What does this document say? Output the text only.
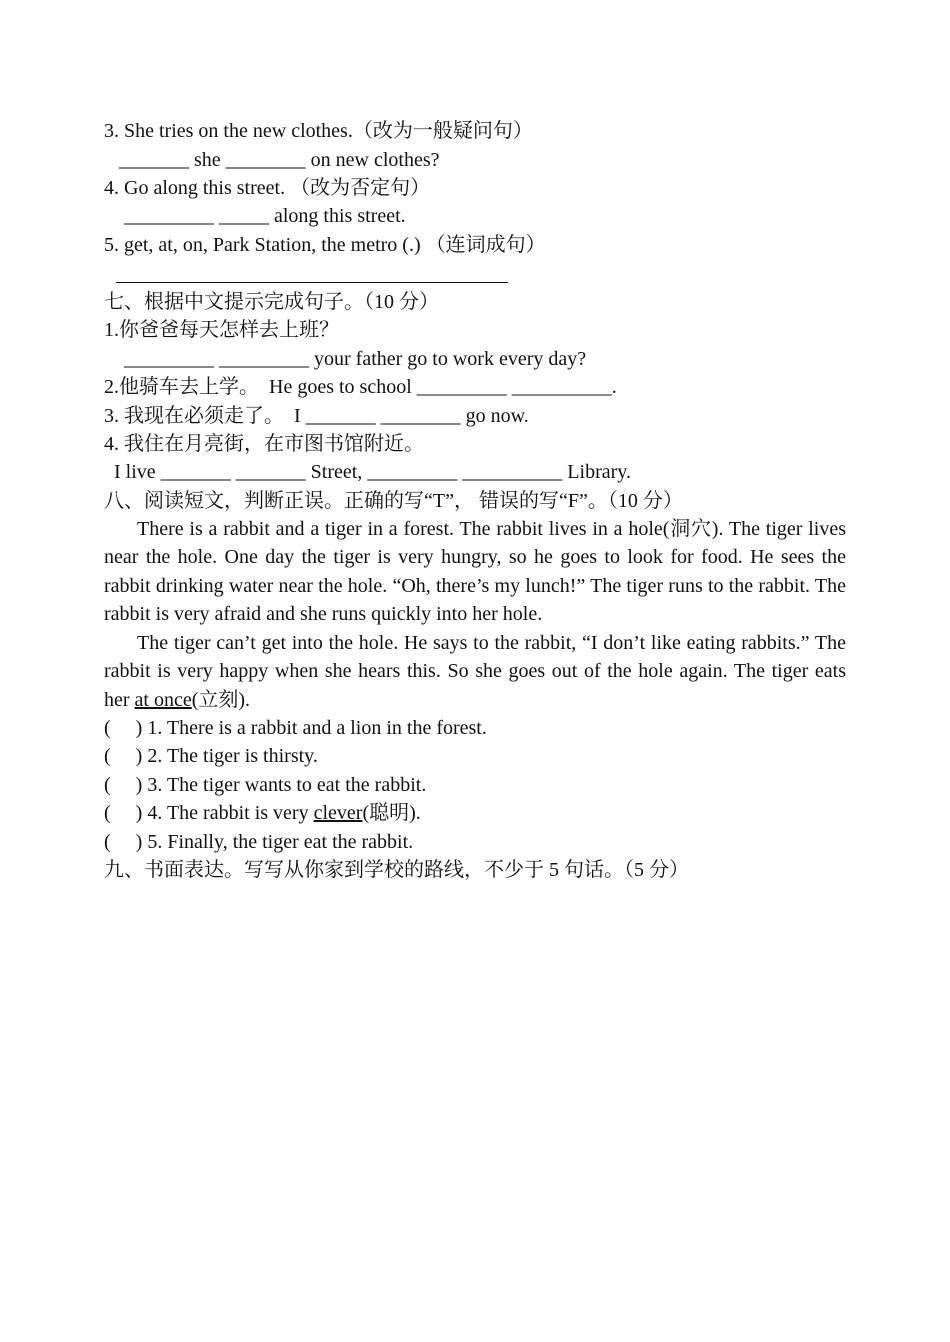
3. She tries on the new clothes.（改为一般疑问句）
_______ she ________ on new clothes?
4. Go along this street. （改为否定句）
_________ _____ along this street.
5. get, at, on, Park Station, the metro (.) （连词成句）
七、根据中文提示完成句子。（10 分）
1.你爸爸每天怎样去上班？
_________ _________ your father go to work every day?
2.他骑车去上学。  He goes to school _________ __________.
3. 我现在必须走了。  I _______ ________ go now.
4. 我住在月亮街，在市图书馆附近。
I live _______ _______ Street, _________ __________ Library.
八、阅读短文，判断正误。正确的写“T”， 错误的写“F”。（10 分）
There is a rabbit and a tiger in a forest. The rabbit lives in a hole(洞穴). The tiger lives near the hole. One day the tiger is very hungry, so he goes to look for food. He sees the rabbit drinking water near the hole. “Oh, there’s my lunch!” The tiger runs to the rabbit. The rabbit is very afraid and she runs quickly into her hole.
The tiger can’t get into the hole. He says to the rabbit, “I don’t like eating rabbits.” The rabbit is very happy when she hears this. So she goes out of the hole again. The tiger eats her at once(立刻).
(     ) 1. There is a rabbit and a lion in the forest.
(     ) 2. The tiger is thirsty.
(     ) 3. The tiger wants to eat the rabbit.
(     ) 4. The rabbit is very clever(聪明).
(     ) 5. Finally, the tiger eat the rabbit.
九、书面表达。写写从你家到学校的路线，不少于 5 句话。（5 分）
